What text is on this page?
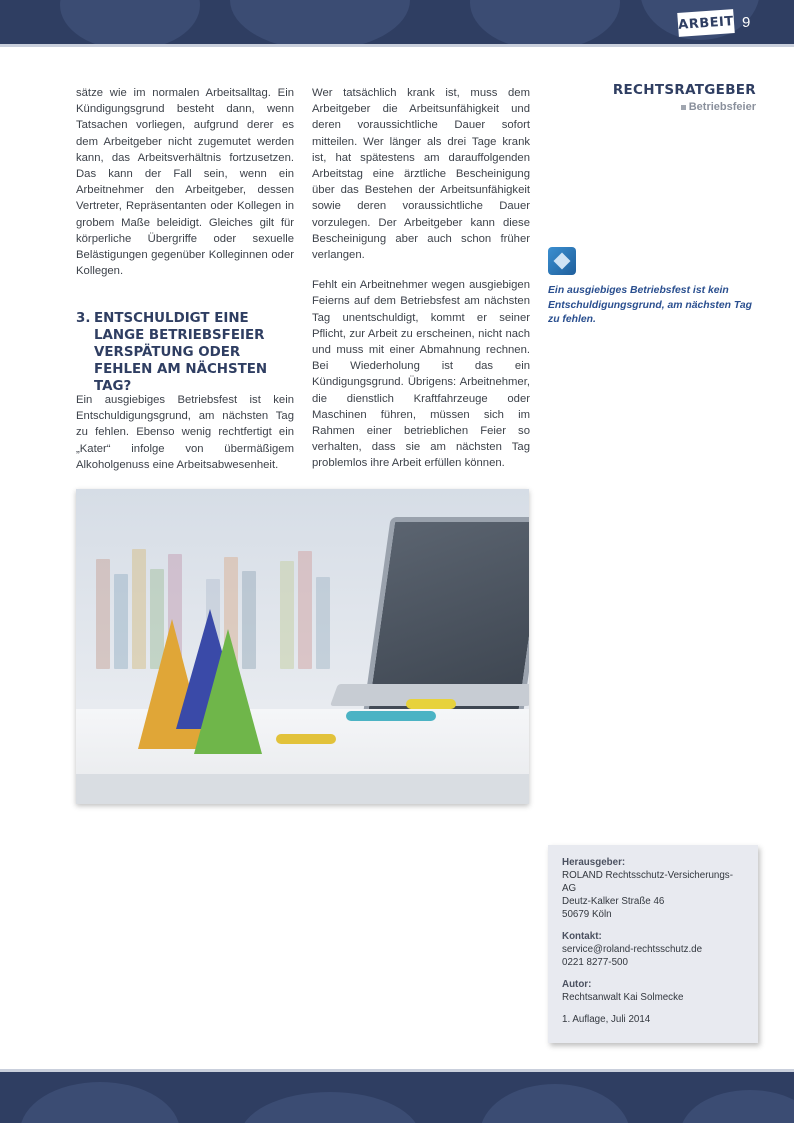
ARBEIT 9
RECHTSRATGEBER
Betriebsfeier

sätze wie im normalen Arbeitsalltag. Ein Kündigungsgrund besteht dann, wenn Tatsachen vorliegen, aufgrund derer es dem Arbeitgeber nicht zugemutet werden kann, das Arbeitsverhältnis fortzusetzen. Das kann der Fall sein, wenn ein Arbeitnehmer den Arbeitgeber, dessen Vertreter, Repräsentanten oder Kollegen in grobem Maße beleidigt. Gleiches gilt für körperliche Übergriffe oder sexuelle Belästigungen gegenüber Kolleginnen oder Kollegen.

3. ENTSCHULDIGT EINE LANGE BETRIEBSFEIER VERSPÄTUNG ODER FEHLEN AM NÄCHSTEN TAG?

Ein ausgiebiges Betriebsfest ist kein Entschuldigungsgrund, am nächsten Tag zu fehlen. Ebenso wenig rechtfertigt ein „Kater“ infolge von übermäßigem Alkoholgenuss eine Arbeitsabwesenheit.

Wer tatsächlich krank ist, muss dem Arbeitgeber die Arbeitsunfähigkeit und deren voraussichtliche Dauer sofort mitteilen. Wer länger als drei Tage krank ist, hat spätestens am darauffolgenden Arbeitstag eine ärztliche Bescheinigung über das Bestehen der Arbeitsunfähigkeit sowie deren voraussichtliche Dauer vorzulegen. Der Arbeitgeber kann diese Bescheinigung aber auch schon früher verlangen.

Fehlt ein Arbeitnehmer wegen ausgiebigen Feierns auf dem Betriebsfest am nächsten Tag unentschuldigt, kommt er seiner Pflicht, zur Arbeit zu erscheinen, nicht nach und muss mit einer Abmahnung rechnen. Bei Wiederholung ist das ein Kündigungsgrund. Übrigens: Arbeitnehmer, die dienstlich Kraftfahrzeuge oder Maschinen führen, müssen sich im Rahmen einer betrieblichen Feier so verhalten, dass sie am nächsten Tag problemlos ihre Arbeit erfüllen können.

Ein ausgiebiges Betriebsfest ist kein Entschuldigungsgrund, am nächsten Tag zu fehlen.
Herausgeber:
ROLAND Rechtsschutz-Versicherungs-AG
Deutz-Kalker Straße 46
50679 Köln
Kontakt:
service@roland-rechtsschutz.de
0221 8277-500
Autor:
Rechtsanwalt Kai Solmecke
1. Auflage, Juli 2014
